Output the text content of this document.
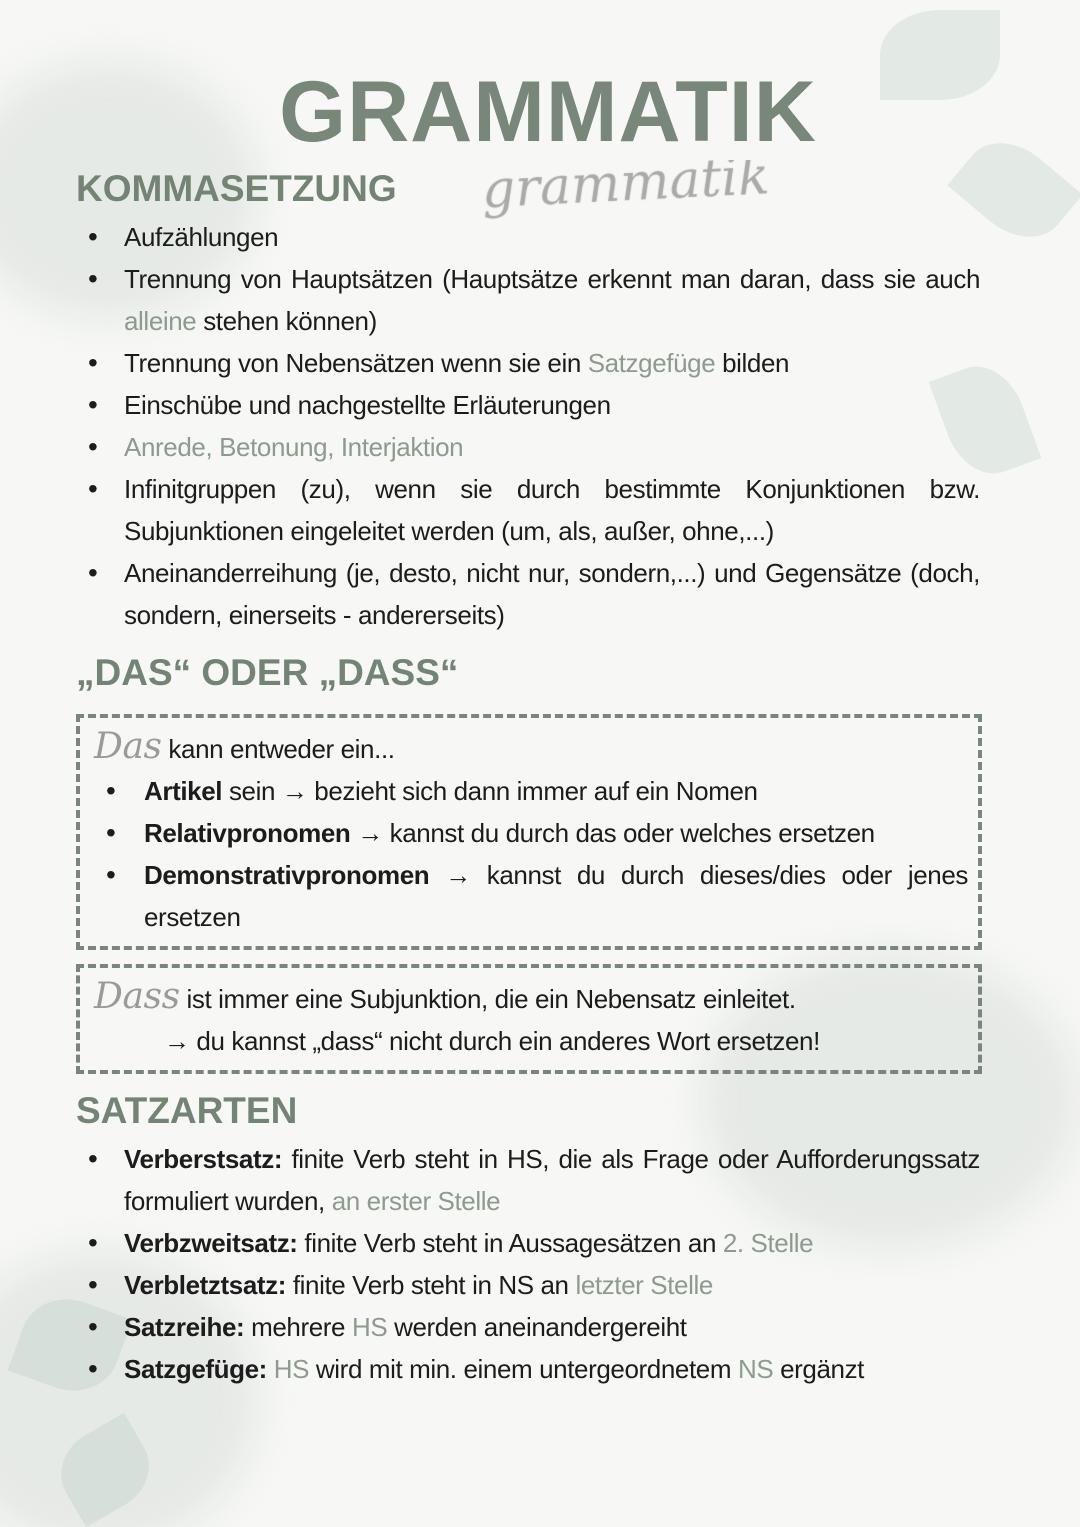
GRAMMATIK
KOMMASETZUNG
• Aufzählungen
• Trennung von Hauptsätzen (Hauptsätze erkennt man daran, dass sie auch alleine stehen können)
• Trennung von Nebensätzen wenn sie ein Satzgefüge bilden
• Einschübe und nachgestellte Erläuterungen
• Anrede, Betonung, Interjaktion
• Infinitgruppen (zu), wenn sie durch bestimmte Konjunktionen bzw. Subjunktionen eingeleitet werden (um, als, außer, ohne,...)
• Aneinanderreihung (je, desto, nicht nur, sondern,...) und Gegensätze (doch, sondern, einerseits - andererseits)
„DAS“ ODER „DASS“
Das kann entweder ein...
• Artikel sein → bezieht sich dann immer auf ein Nomen
• Relativpronomen → kannst du durch das oder welches ersetzen
• Demonstrativpronomen → kannst du durch dieses/dies oder jenes ersetzen
Dass ist immer eine Subjunktion, die ein Nebensatz einleitet.
→ du kannst „dass“ nicht durch ein anderes Wort ersetzen!
SATZARTEN
• Verberstsatz: finite Verb steht in HS, die als Frage oder Aufforderungssatz formuliert wurden, an erster Stelle
• Verbzweitsatz: finite Verb steht in Aussagesätzen an 2. Stelle
• Verbletztsatz: finite Verb steht in NS an letzter Stelle
• Satzreihe: mehrere HS werden aneinandergereiht
• Satzgefüge: HS wird mit min. einem untergeordnetem NS ergänzt
